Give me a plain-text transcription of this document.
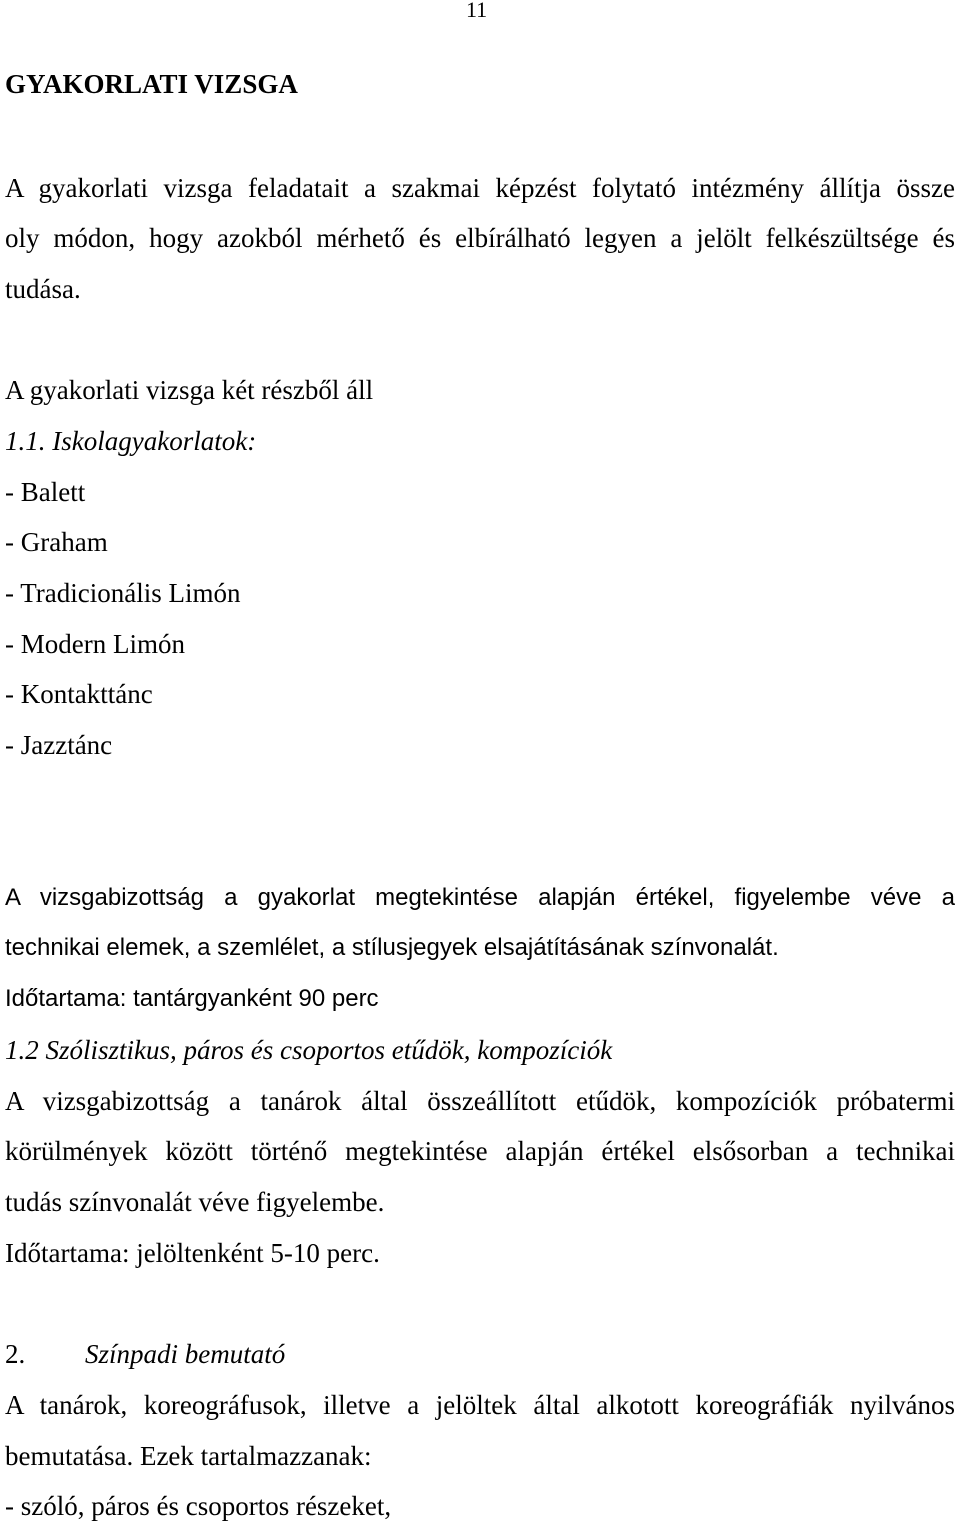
11
GYAKORLATI VIZSGA
A gyakorlati vizsga feladatait a szakmai képzést folytató intézmény állítja össze
oly módon, hogy azokból mérhető és elbírálható legyen a jelölt felkészültsége és
tudása.
A gyakorlati vizsga két részből áll
1.1. Iskolagyakorlatok:
- Balett
- Graham
- Tradicionális Limón
- Modern Limón
- Kontakttánc
- Jazztánc
A vizsgabizottság a gyakorlat megtekintése alapján értékel, figyelembe véve a
technikai elemek, a szemlélet, a stílusjegyek elsajátításának színvonalát.
Időtartama: tantárgyanként 90 perc
1.2 Szólisztikus, páros és csoportos etűdök, kompozíciók
A vizsgabizottság a tanárok által összeállított etűdök, kompozíciók próbatermi
körülmények között történő megtekintése alapján értékel elsősorban a technikai
tudás színvonalát véve figyelembe.
Időtartama: jelöltenként 5-10 perc.
2. Színpadi bemutató
A tanárok, koreográfusok, illetve a jelöltek által alkotott koreográfiák nyilvános
bemutatása. Ezek tartalmazzanak:
- szóló, páros és csoportos részeket,
